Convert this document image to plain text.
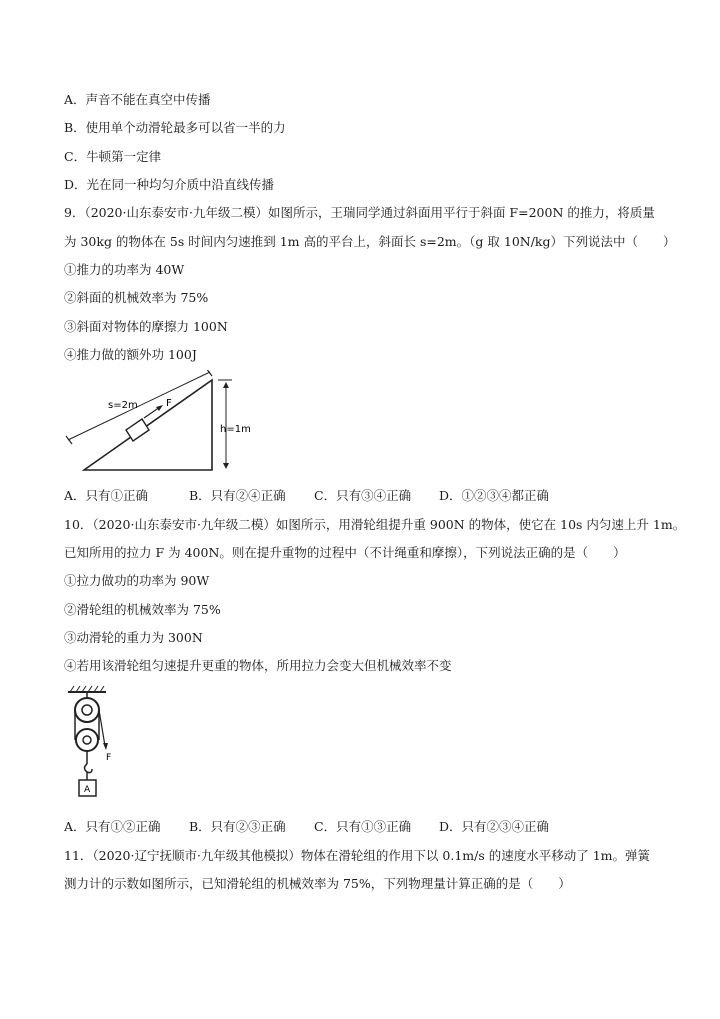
A．声音不能在真空中传播
B．使用单个动滑轮最多可以省一半的力
C．牛顿第一定律
D．光在同一种均匀介质中沿直线传播
9．（2020·山东泰安市·九年级二模）如图所示，王瑞同学通过斜面用平行于斜面 F=200N 的推力，将质量
为 30kg 的物体在 5s 时间内匀速推到 1m 高的平台上，斜面长 s=2m。（g 取 10N/kg）下列说法中（　　）
①推力的功率为 40W
②斜面的机械效率为 75%
③斜面对物体的摩擦力 100N
④推力做的额外功 100J
F
s=2m
h=1m
A．只有①正确	B．只有②④正确 C．只有③④正确 D．①②③④都正确
10．（2020·山东泰安市·九年级二模）如图所示，用滑轮组提升重 900N 的物体，使它在 10s 内匀速上升 1m。
已知所用的拉力 F 为 400N。则在提升重物的过程中（不计绳重和摩擦），下列说法正确的是（　　）
①拉力做功的功率为 90W
②滑轮组的机械效率为 75%
③动滑轮的重力为 300N
④若用该滑轮组匀速提升更重的物体，所用拉力会变大但机械效率不变
F
A
A．只有①②正确 B．只有②③正确 C．只有①③正确 D．只有②③④正确
11．（2020·辽宁抚顺市·九年级其他模拟）物体在滑轮组的作用下以 0.1m/s 的速度水平移动了 1m。弹簧
测力计的示数如图所示，已知滑轮组的机械效率为 75%，下列物理量计算正确的是（　　）
